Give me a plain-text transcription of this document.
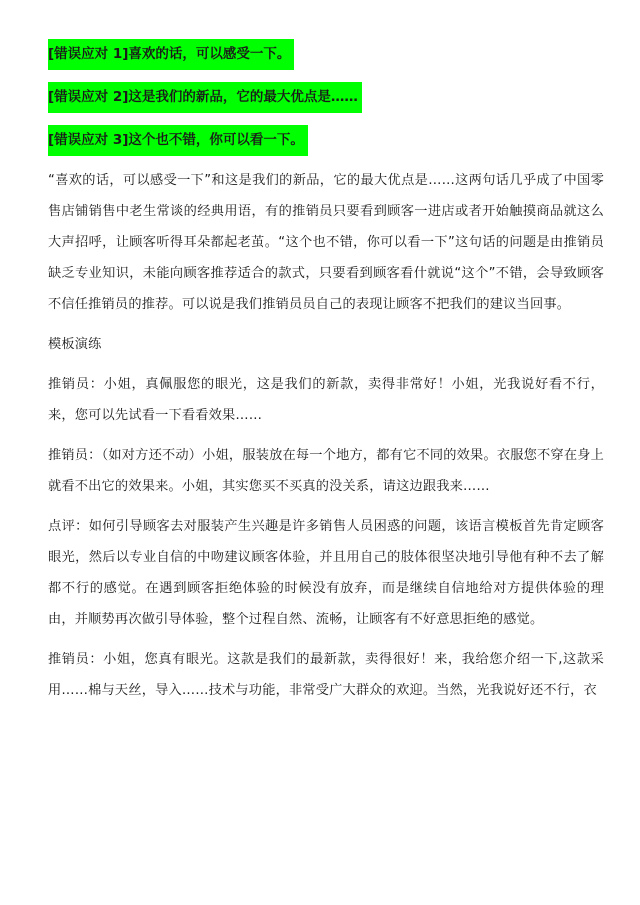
[错误应对 1]喜欢的话，可以感受一下。
[错误应对 2]这是我们的新品，它的最大优点是……
[错误应对 3]这个也不错，你可以看一下。

“喜欢的话，可以感受一下”和这是我们的新品，它的最大优点是……这两句话几乎成了中国零售店铺销售中老生常谈的经典用语，有的推销员只要看到顾客一进店或者开始触摸商品就这么大声招呼，让顾客听得耳朵都起老茧。“这个也不错，你可以看一下”这句话的问题是由推销员缺乏专业知识，未能向顾客推荐适合的款式，只要看到顾客看什就说“这个”不错，会导致顾客不信任推销员的推荐。可以说是我们推销员员自己的表现让顾客不把我们的建议当回事。

模板演练

推销员：小姐，真佩服您的眼光，这是我们的新款，卖得非常好！小姐，光我说好看不行，来，您可以先试看一下看看效果……

推销员：（如对方还不动）小姐，服装放在每一个地方，都有它不同的效果。衣服您不穿在身上就看不出它的效果来。小姐，其实您买不买真的没关系，请这边跟我来……

点评：如何引导顾客去对服装产生兴趣是许多销售人员困惑的问题，该语言模板首先肯定顾客眼光，然后以专业自信的中吻建议顾客体验，并且用自己的肢体很坚决地引导他有种不去了解都不行的感觉。在遇到顾客拒绝体验的时候没有放弃，而是继续自信地给对方提供体验的理由，并顺势再次做引导体验，整个过程自然、流畅，让顾客有不好意思拒绝的感觉。

推销员：小姐，您真有眼光。这款是我们的最新款，卖得很好！来，我给您介绍一下,这款采用……棉与天丝，导入……技术与功能，非常受广大群众的欢迎。当然，光我说好还不行，衣
